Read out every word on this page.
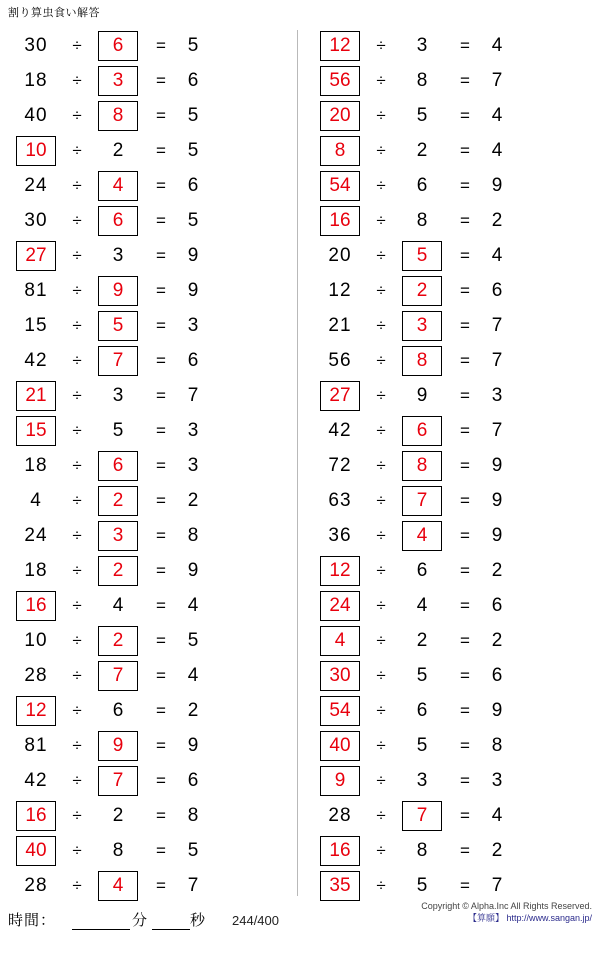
割り算虫食い解答
30	÷	6	=	5
18	÷	3	=	6
40	÷	8	=	5
10	÷	2	=	5
24	÷	4	=	6
30	÷	6	=	5
27	÷	3	=	9
81	÷	9	=	9
15	÷	5	=	3
42	÷	7	=	6
21	÷	3	=	7
15	÷	5	=	3
18	÷	6	=	3
4	÷	2	=	2
24	÷	3	=	8
18	÷	2	=	9
16	÷	4	=	4
10	÷	2	=	5
28	÷	7	=	4
12	÷	6	=	2
81	÷	9	=	9
42	÷	7	=	6
16	÷	2	=	8
40	÷	8	=	5
28	÷	4	=	7
12	÷	3	=	4
56	÷	8	=	7
20	÷	5	=	4
8	÷	2	=	4
54	÷	6	=	9
16	÷	8	=	2
20	÷	5	=	4
12	÷	2	=	6
21	÷	3	=	7
56	÷	8	=	7
27	÷	9	=	3
42	÷	6	=	7
72	÷	8	=	9
63	÷	7	=	9
36	÷	4	=	9
12	÷	6	=	2
24	÷	4	=	6
4	÷	2	=	2
30	÷	5	=	6
54	÷	6	=	9
40	÷	5	=	8
9	÷	3	=	3
28	÷	7	=	4
16	÷	8	=	2
35	÷	5	=	7
時間：	分	秒 244/400
Copyright © Alpha.Inc All Rights Reserved.
【算願】 http://www.sangan.jp/
